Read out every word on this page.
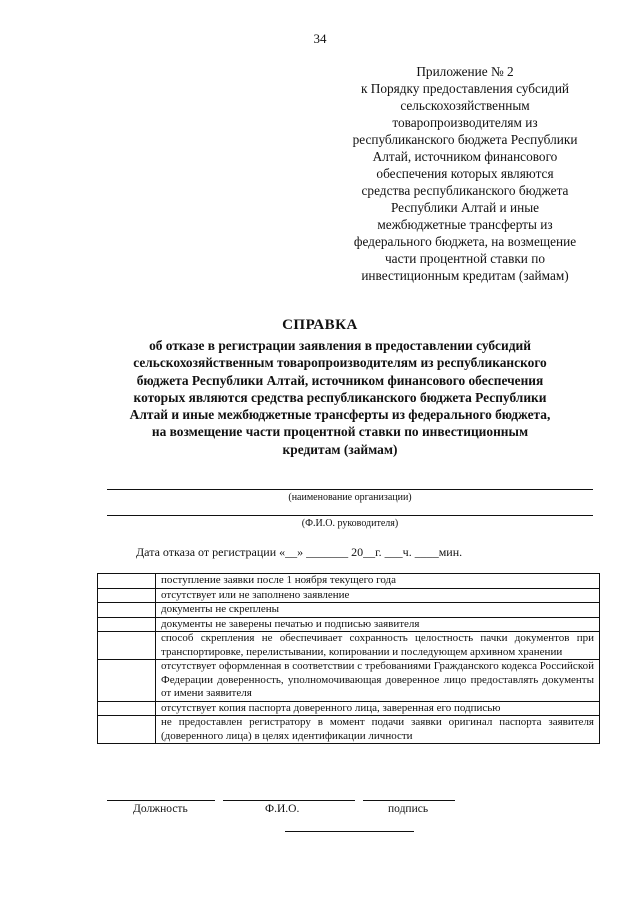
34
Приложение № 2
к Порядку предоставления субсидий
сельскохозяйственным
товаропроизводителям из
республиканского бюджета Республики
Алтай, источником финансового
обеспечения которых являются
средства республиканского бюджета
Республики Алтай и иные
межбюджетные трансферты из
федерального бюджета, на возмещение
части процентной ставки по
инвестиционным кредитам (займам)
СПРАВКА
об отказе в регистрации заявления в предоставлении субсидий
сельскохозяйственным товаропроизводителям из республиканского
бюджета Республики Алтай, источником финансового обеспечения
которых являются средства республиканского бюджета Республики
Алтай и иные межбюджетные трансферты из федерального бюджета,
на возмещение части процентной ставки по инвестиционным
кредитам (займам)
(наименование организации)
(Ф.И.О. руководителя)
Дата отказа от регистрации «__» _______ 20__г. ___ч. ____мин.
	поступление заявки после 1 ноября текущего года
	отсутствует или не заполнено заявление
	документы не скреплены
	документы не заверены печатью и подписью заявителя
	способ скрепления не обеспечивает сохранность целостность пачки документов при транспортировке, перелистывании, копировании и последующем архивном хранении
	отсутствует оформленная в соответствии с требованиями Гражданского кодекса Российской Федерации доверенность, уполномочивающая доверенное лицо предоставлять документы от имени заявителя
	отсутствует копия паспорта доверенного лица, заверенная его подписью
	не предоставлен регистратору в момент подачи заявки оригинал паспорта заявителя (доверенного лица) в целях идентификации личности
Должность	Ф.И.О.	подпись
